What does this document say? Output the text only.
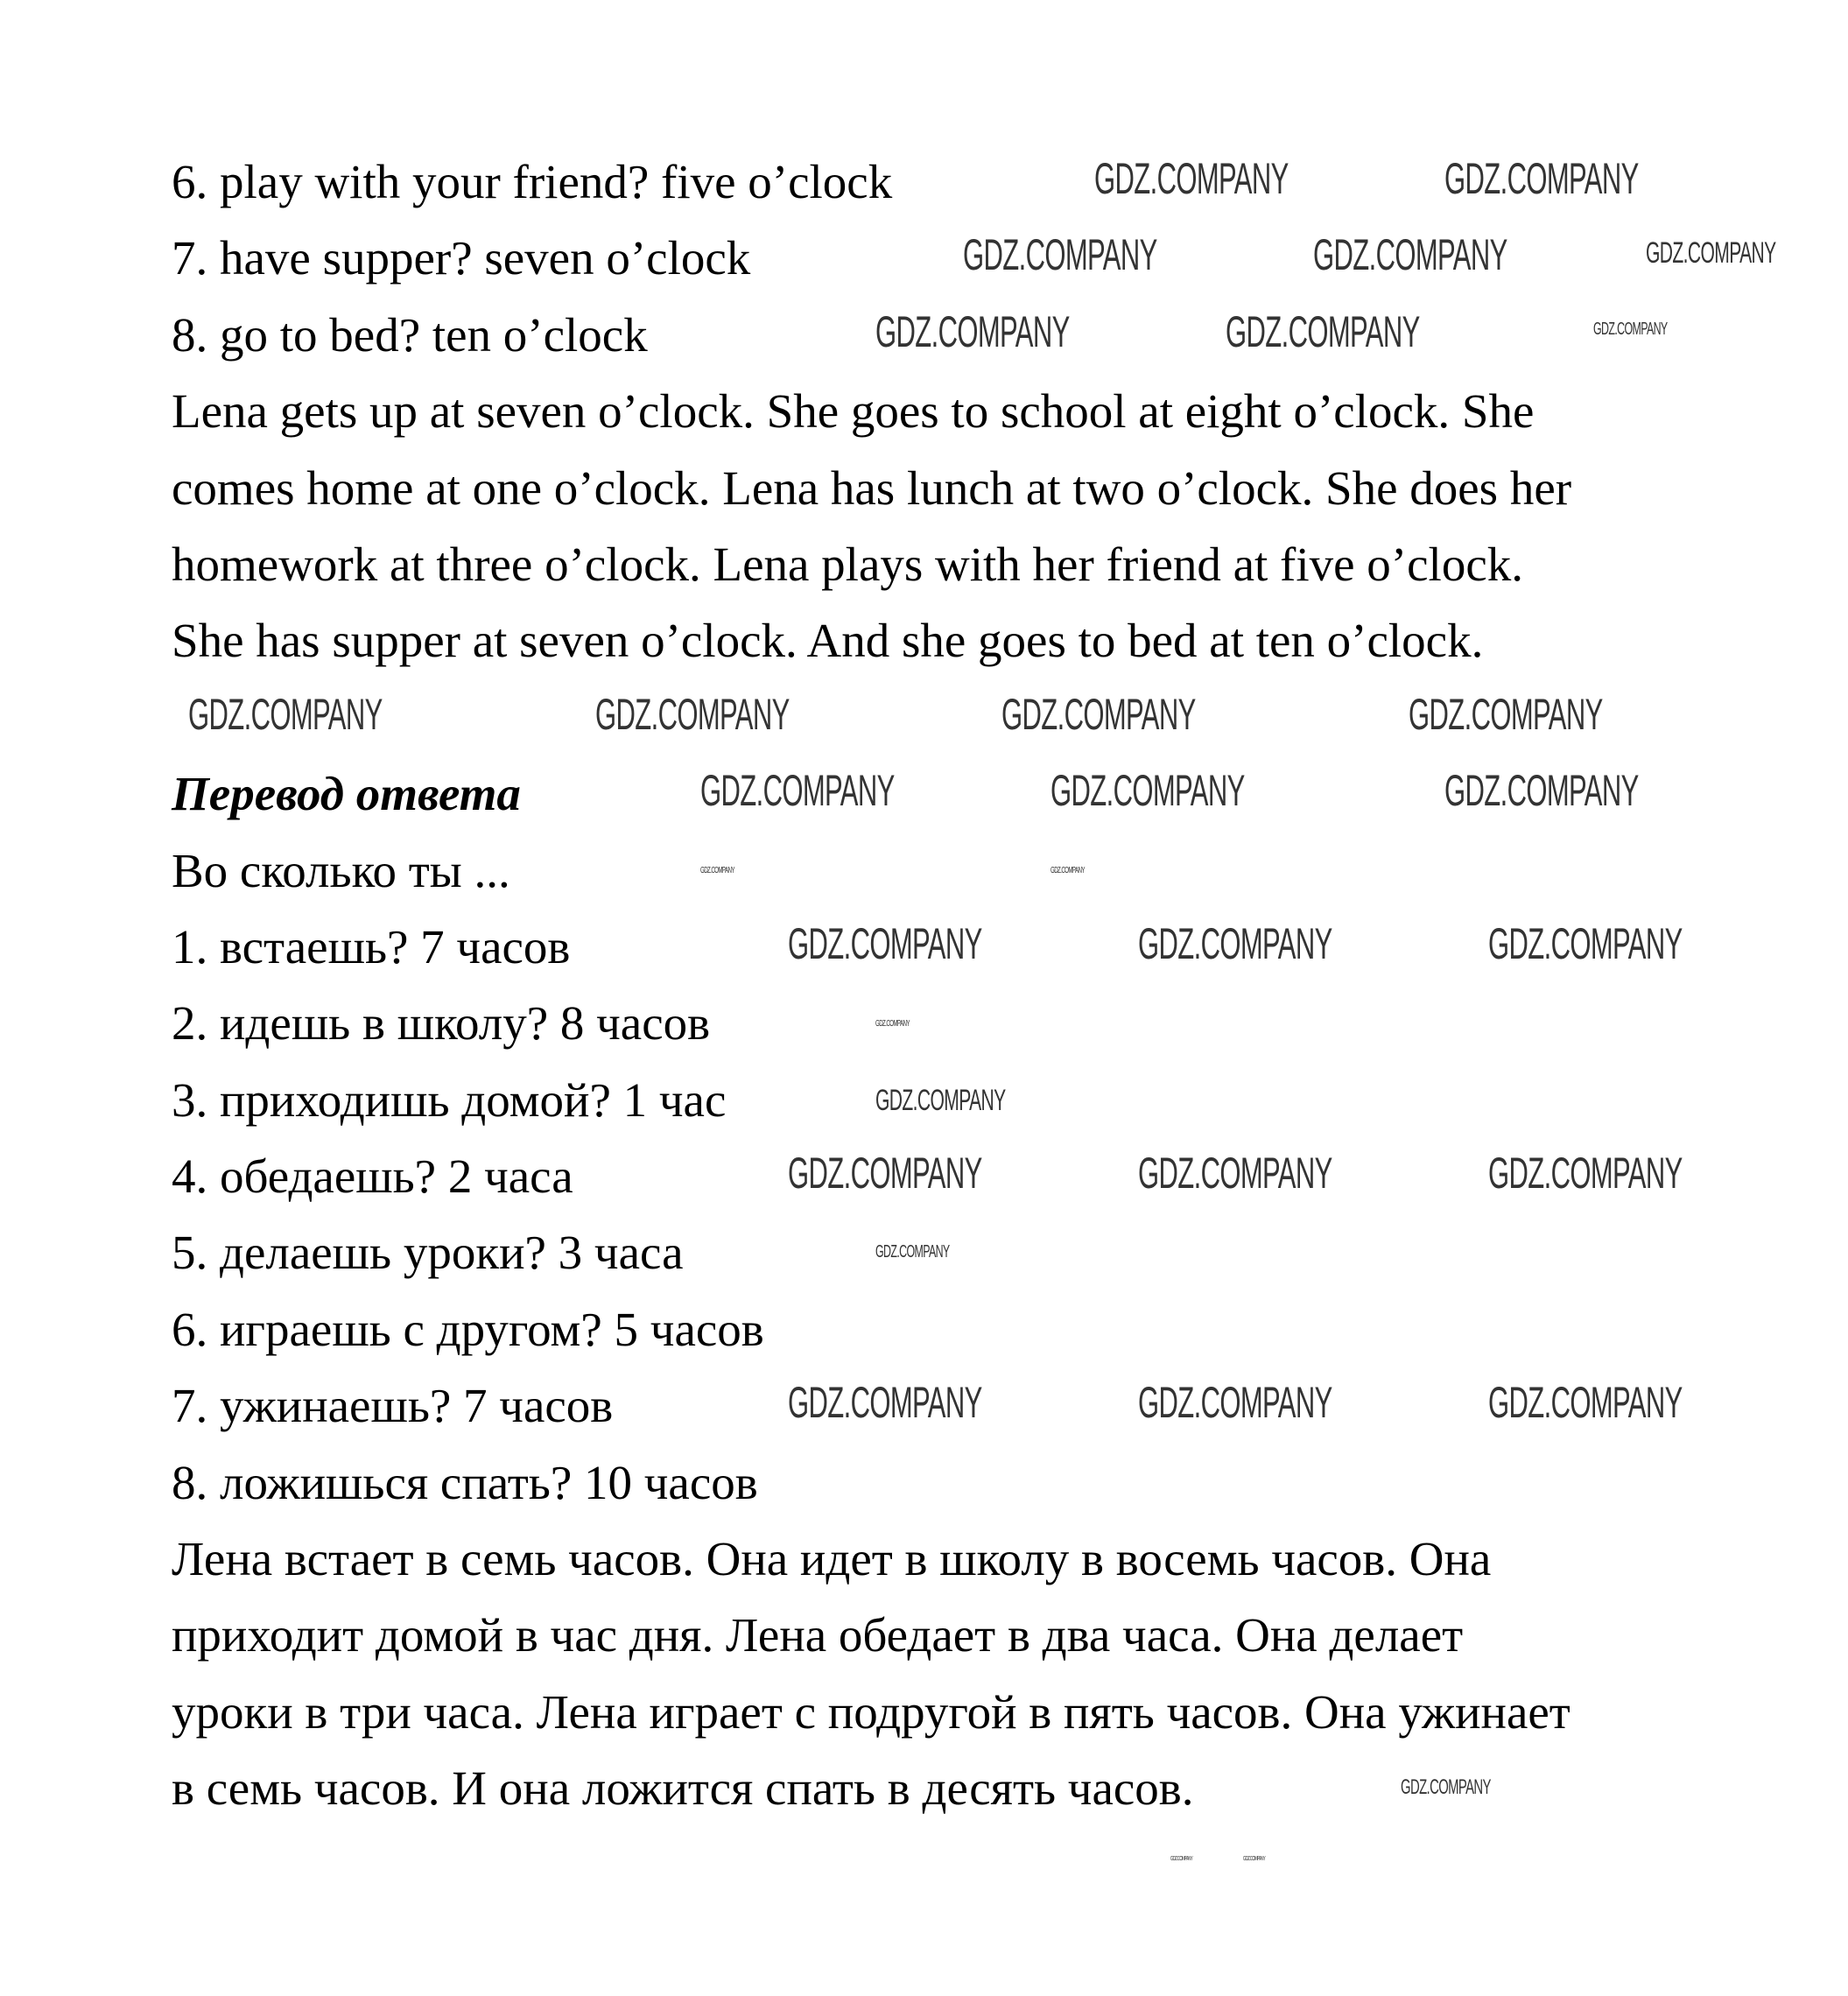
6. play with your friend? five o’clock
7. have supper? seven o’clock
8. go to bed? ten o’clock
Lena gets up at seven o’clock. She goes to school at eight o’clock. She
comes home at one o’clock. Lena has lunch at two o’clock. She does her
homework at three o’clock. Lena plays with her friend at five o’clock.
She has supper at seven o’clock. And she goes to bed at ten o’clock.
Перевод ответа
Во сколько ты ...
1. встаешь? 7 часов
2. идешь в школу? 8 часов
3. приходишь домой? 1 час
4. обедаешь? 2 часа
5. делаешь уроки? 3 часа
6. играешь с другом? 5 часов
7. ужинаешь? 7 часов
8. ложишься спать? 10 часов
Лена встает в семь часов. Она идет в школу в восемь часов. Она
приходит домой в час дня. Лена обедает в два часа. Она делает
уроки в три часа. Лена играет с подругой в пять часов. Она ужинает
в семь часов. И она ложится спать в десять часов.
GDZ.COMPANY	GDZ.COMPANY
GDZ.COMPANY	GDZ.COMPANY	GDZ.COMPANY
GDZ.COMPANY	GDZ.COMPANY	GDZ.COMPANY
GDZ.COMPANY	GDZ.COMPANY	GDZ.COMPANY	GDZ.COMPANY
GDZ.COMPANY	GDZ.COMPANY	GDZ.COMPANY
GDZ.COMPANY	GDZ.COMPANY
GDZ.COMPANY	GDZ.COMPANY	GDZ.COMPANY
GDZ.COMPANY
GDZ.COMPANY
GDZ.COMPANY	GDZ.COMPANY	GDZ.COMPANY
GDZ.COMPANY
GDZ.COMPANY	GDZ.COMPANY	GDZ.COMPANY
GDZ.COMPANY
GDZ.COMPANY	GDZ.COMPANY
